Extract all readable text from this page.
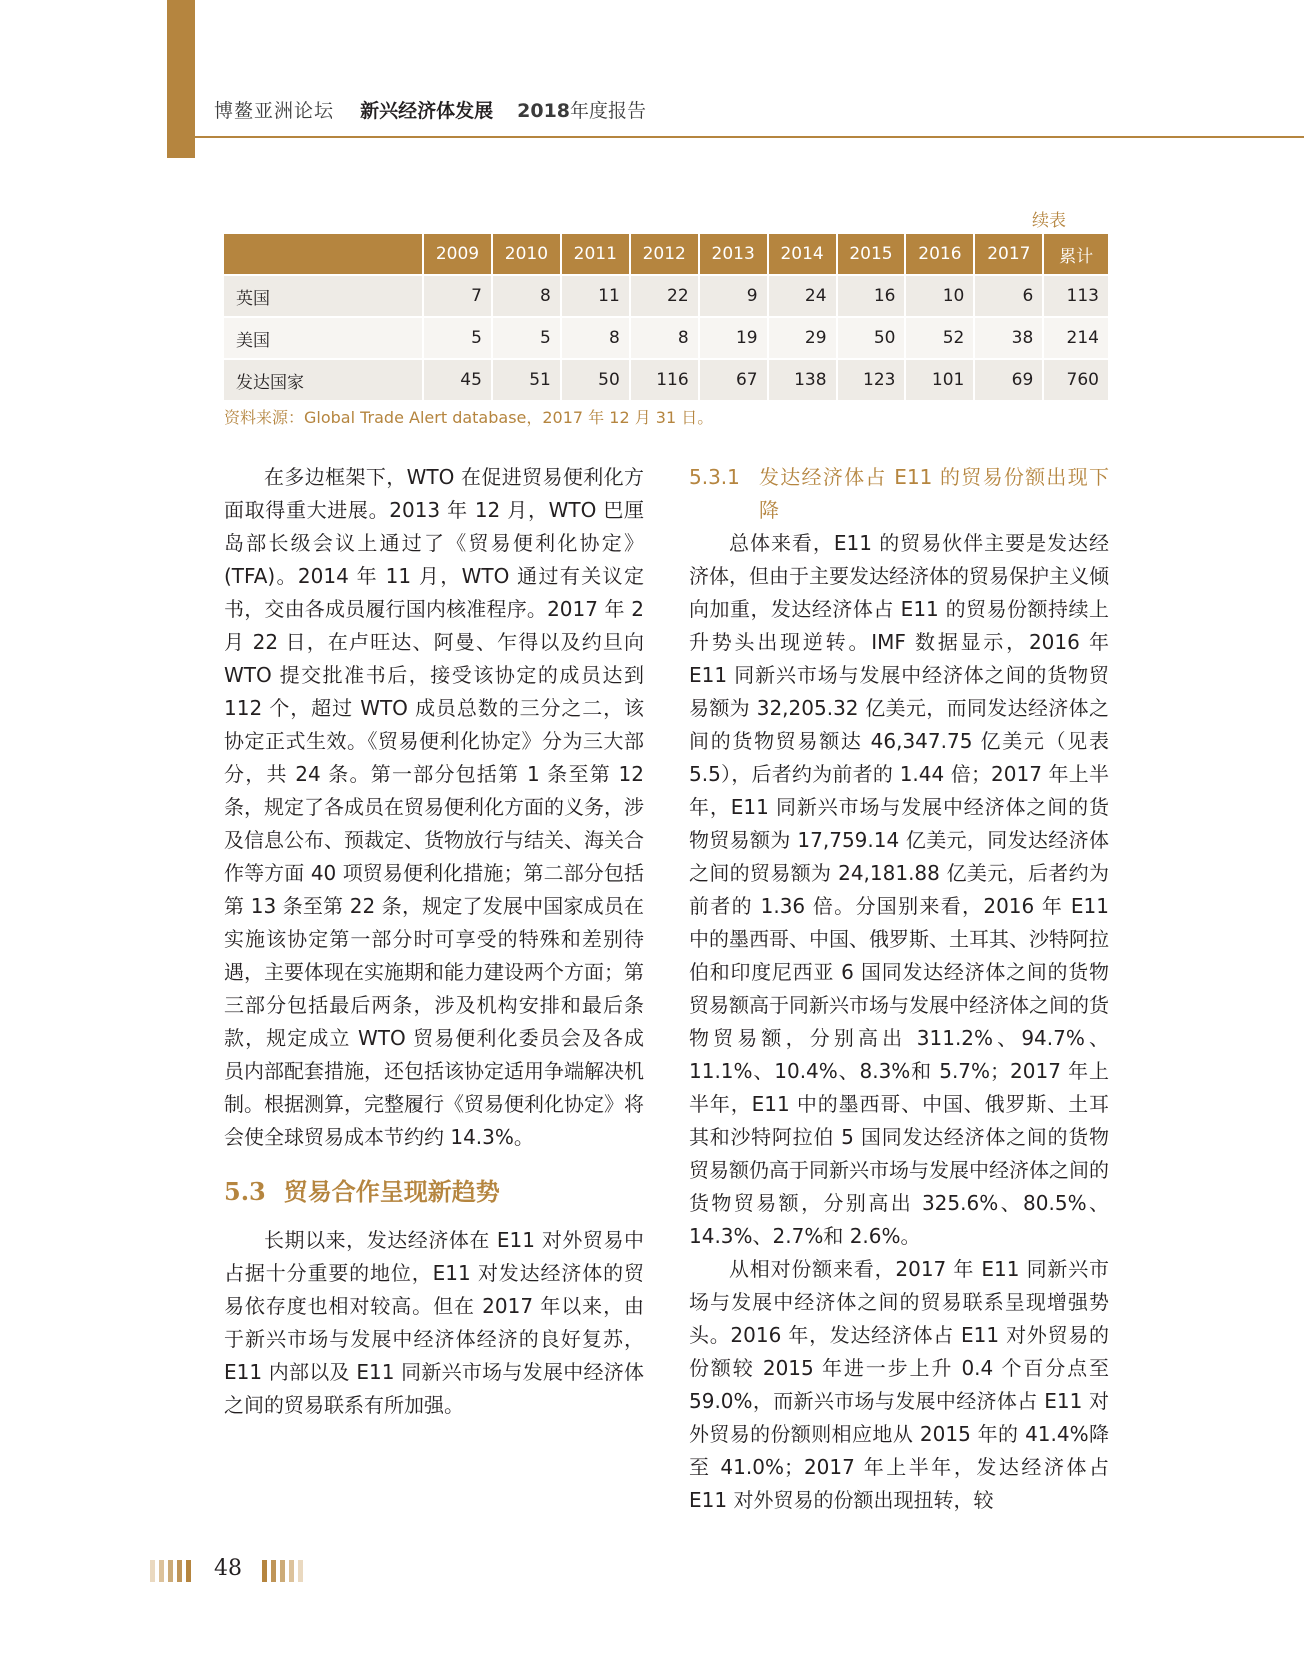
博鳌亚洲论坛 新兴经济体发展 2018年度报告
续表
	2009	2010	2011	2012	2013	2014	2015	2016	2017	累计
英国	7	8	11	22	9	24	16	10	6	113
美国	5	5	8	8	19	29	50	52	38	214
发达国家	45	51	50	116	67	138	123	101	69	760
资料来源：Global Trade Alert database，2017 年 12 月 31 日。

在多边框架下，WTO 在促进贸易便利化方面取得重大进展。2013 年 12 月，WTO 巴厘岛部长级会议上通过了《贸易便利化协定》(TFA)。2014 年 11 月，WTO 通过有关议定书，交由各成员履行国内核准程序。2017 年 2 月 22 日，在卢旺达、阿曼、乍得以及约旦向 WTO 提交批准书后，接受该协定的成员达到 112 个，超过 WTO 成员总数的三分之二，该协定正式生效。《贸易便利化协定》分为三大部分，共 24 条。第一部分包括第 1 条至第 12 条，规定了各成员在贸易便利化方面的义务，涉及信息公布、预裁定、货物放行与结关、海关合作等方面 40 项贸易便利化措施；第二部分包括第 13 条至第 22 条，规定了发展中国家成员在实施该协定第一部分时可享受的特殊和差别待遇，主要体现在实施期和能力建设两个方面；第三部分包括最后两条，涉及机构安排和最后条款，规定成立 WTO 贸易便利化委员会及各成员内部配套措施，还包括该协定适用争端解决机制。根据测算，完整履行《贸易便利化协定》将会使全球贸易成本节约约 14.3%。

5.3 贸易合作呈现新趋势

长期以来，发达经济体在 E11 对外贸易中占据十分重要的地位，E11 对发达经济体的贸易依存度也相对较高。但在 2017 年以来，由于新兴市场与发展中经济体经济的良好复苏，E11 内部以及 E11 同新兴市场与发展中经济体之间的贸易联系有所加强。

5.3.1 发达经济体占 E11 的贸易份额出现下降

总体来看，E11 的贸易伙伴主要是发达经济体，但由于主要发达经济体的贸易保护主义倾向加重，发达经济体占 E11 的贸易份额持续上升势头出现逆转。IMF 数据显示，2016 年 E11 同新兴市场与发展中经济体之间的货物贸易额为 32,205.32 亿美元，而同发达经济体之间的货物贸易额达 46,347.75 亿美元（见表 5.5），后者约为前者的 1.44 倍；2017 年上半年，E11 同新兴市场与发展中经济体之间的货物贸易额为 17,759.14 亿美元，同发达经济体之间的贸易额为 24,181.88 亿美元，后者约为前者的 1.36 倍。分国别来看，2016 年 E11 中的墨西哥、中国、俄罗斯、土耳其、沙特阿拉伯和印度尼西亚 6 国同发达经济体之间的货物贸易额高于同新兴市场与发展中经济体之间的货物贸易额，分别高出 311.2%、94.7%、11.1%、10.4%、8.3%和 5.7%；2017 年上半年，E11 中的墨西哥、中国、俄罗斯、土耳其和沙特阿拉伯 5 国同发达经济体之间的货物贸易额仍高于同新兴市场与发展中经济体之间的货物贸易额，分别高出 325.6%、80.5%、14.3%、2.7%和 2.6%。

从相对份额来看，2017 年 E11 同新兴市场与发展中经济体之间的贸易联系呈现增强势头。2016 年，发达经济体占 E11 对外贸易的份额较 2015 年进一步上升 0.4 个百分点至 59.0%，而新兴市场与发展中经济体占 E11 对外贸易的份额则相应地从 2015 年的 41.4%降至 41.0%；2017 年上半年，发达经济体占 E11 对外贸易的份额出现扭转，较

48
